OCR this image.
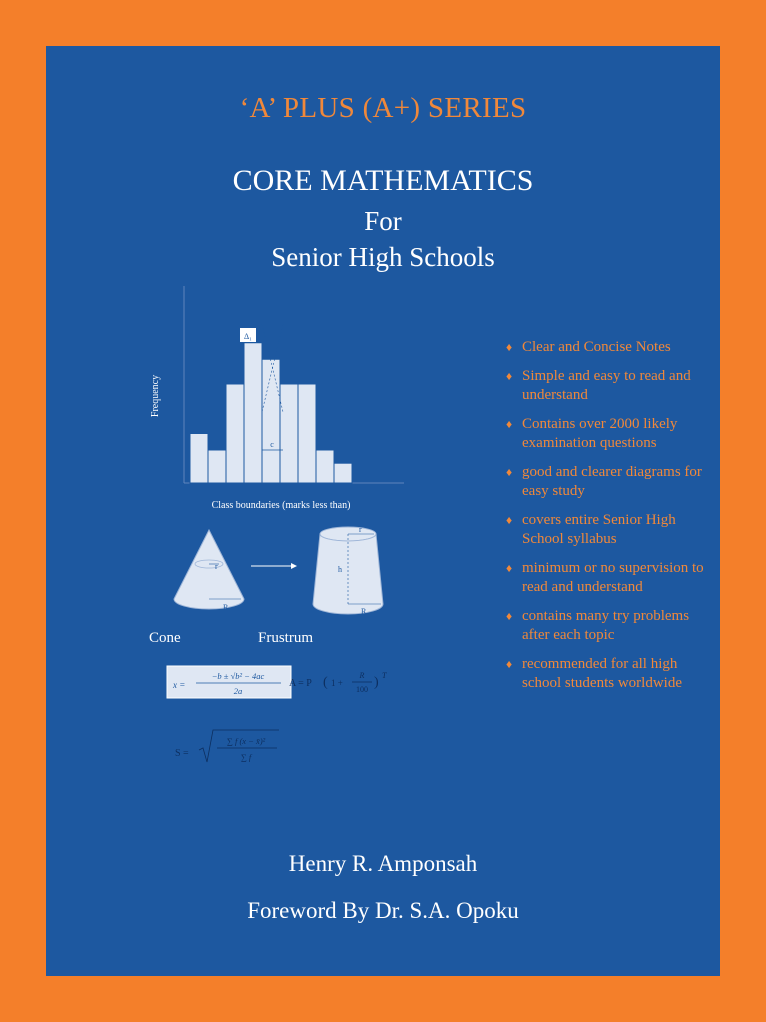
‘A’ PLUS (A+) SERIES
CORE MATHEMATICS
For
Senior High Schools
Frequency
Δ₁
c
Class boundaries (marks less than)
r
R
h
r
R
Cone	Frustrum
x =
−b ± √b² − 4ac
2a
A = P ( 1 +
R
100 ) T
S =
∑ f (x − x̄)²
∑ f
♦ Clear and Concise Notes
♦ Simple and easy to read and understand
♦ Contains over 2000 likely examination questions
♦ good and clearer diagrams for easy study
♦ covers entire Senior High School syllabus
♦ minimum or no supervision to read and understand
♦ contains many try problems after each topic
♦ recommended for all high school students worldwide
Henry R. Amponsah
Foreword By Dr. S.A. Opoku
